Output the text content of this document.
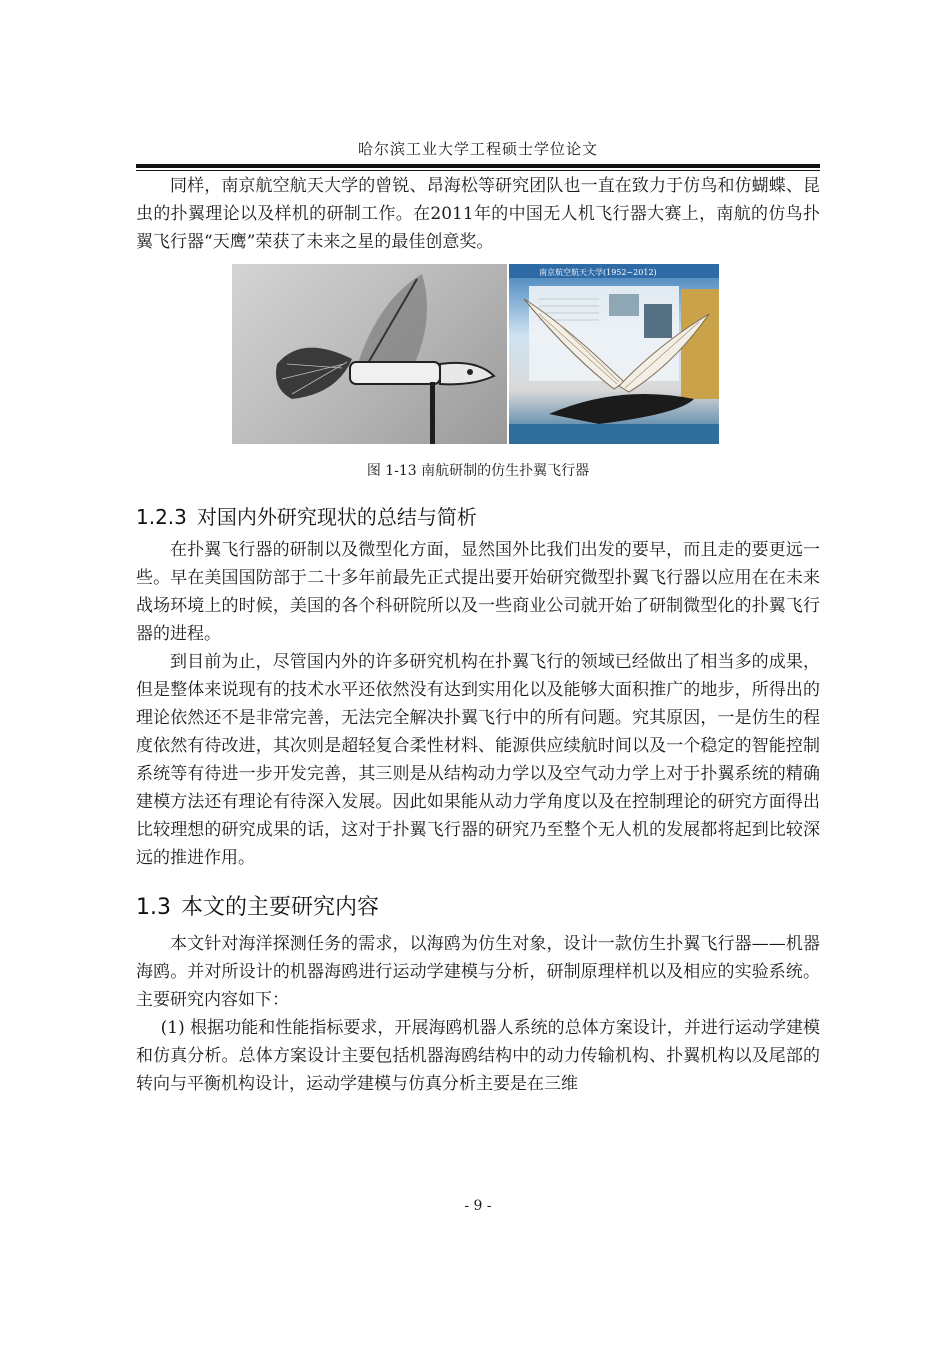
哈尔滨工业大学工程硕士学位论文

同样，南京航空航天大学的曾锐、昂海松等研究团队也一直在致力于仿鸟和仿蝴蝶、昆虫的扑翼理论以及样机的研制工作。在2011年的中国无人机飞行器大赛上，南航的仿鸟扑翼飞行器“天鹰”荣获了未来之星的最佳创意奖。

南京航空航天大学(1952~2012)
图 1-13 南航研制的仿生扑翼飞行器
1.2.3 对国内外研究现状的总结与简析

在扑翼飞行器的研制以及微型化方面，显然国外比我们出发的要早，而且走的要更远一些。早在美国国防部于二十多年前最先正式提出要开始研究微型扑翼飞行器以应用在在未来战场环境上的时候，美国的各个科研院所以及一些商业公司就开始了研制微型化的扑翼飞行器的进程。

到目前为止，尽管国内外的许多研究机构在扑翼飞行的领域已经做出了相当多的成果，但是整体来说现有的技术水平还依然没有达到实用化以及能够大面积推广的地步，所得出的理论依然还不是非常完善，无法完全解决扑翼飞行中的所有问题。究其原因，一是仿生的程度依然有待改进，其次则是超轻复合柔性材料、能源供应续航时间以及一个稳定的智能控制系统等有待进一步开发完善，其三则是从结构动力学以及空气动力学上对于扑翼系统的精确建模方法还有理论有待深入发展。因此如果能从动力学角度以及在控制理论的研究方面得出比较理想的研究成果的话，这对于扑翼飞行器的研究乃至整个无人机的发展都将起到比较深远的推进作用。

1.3 本文的主要研究内容

本文针对海洋探测任务的需求，以海鸥为仿生对象，设计一款仿生扑翼飞行器——机器海鸥。并对所设计的机器海鸥进行运动学建模与分析，研制原理样机以及相应的实验系统。主要研究内容如下：

(1) 根据功能和性能指标要求，开展海鸥机器人系统的总体方案设计，并进行运动学建模和仿真分析。总体方案设计主要包括机器海鸥结构中的动力传输机构、扑翼机构以及尾部的转向与平衡机构设计，运动学建模与仿真分析主要是在三维

- 9 -
